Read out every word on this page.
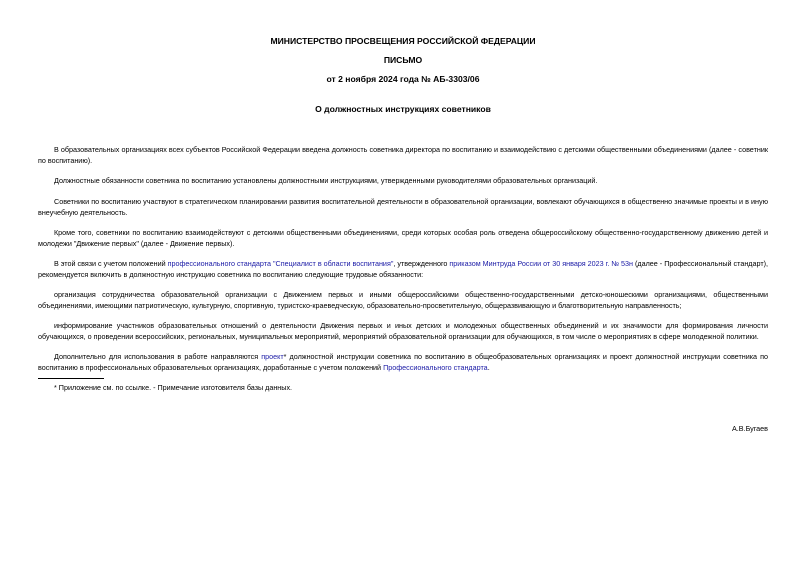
МИНИСТЕРСТВО ПРОСВЕЩЕНИЯ РОССИЙСКОЙ ФЕДЕРАЦИИ
ПИСЬМО
от 2 ноября 2024 года № АБ-3303/06
О должностных инструкциях советников
В образовательных организациях всех субъектов Российской Федерации введена должность советника директора по воспитанию и взаимодействию с детскими общественными объединениями (далее - советник по воспитанию).
Должностные обязанности советника по воспитанию установлены должностными инструкциями, утвержденными руководителями образовательных организаций.
Советники по воспитанию участвуют в стратегическом планировании развития воспитательной деятельности в образовательной организации, вовлекают обучающихся в общественно значимые проекты и в иную внеучебную деятельность.
Кроме того, советники по воспитанию взаимодействуют с детскими общественными объединениями, среди которых особая роль отведена общероссийскому общественно-государственному движению детей и молодежи "Движение первых" (далее - Движение первых).
В этой связи с учетом положений профессионального стандарта "Специалист в области воспитания", утвержденного приказом Минтруда России от 30 января 2023 г. № 53н (далее - Профессиональный стандарт), рекомендуется включить в должностную инструкцию советника по воспитанию следующие трудовые обязанности:
организация сотрудничества образовательной организации с Движением первых и иными общероссийскими общественно-государственными детско-юношескими организациями, общественными объединениями, имеющими патриотическую, культурную, спортивную, туристско-краеведческую, образовательно-просветительную, общеразвивающую и благотворительную направленность;
информирование участников образовательных отношений о деятельности Движения первых и иных детских и молодежных общественных объединений и их значимости для формирования личности обучающихся, о проведении всероссийских, региональных, муниципальных мероприятий, мероприятий образовательной организации для обучающихся, в том числе о мероприятиях в сфере молодежной политики.
Дополнительно для использования в работе направляются проект* должностной инструкции советника по воспитанию в общеобразовательных организациях и проект должностной инструкции советника по воспитанию в профессиональных образовательных организациях, доработанные с учетом положений Профессионального стандарта.
* Приложение см. по ссылке. - Примечание изготовителя базы данных.
А.В.Бугаев
